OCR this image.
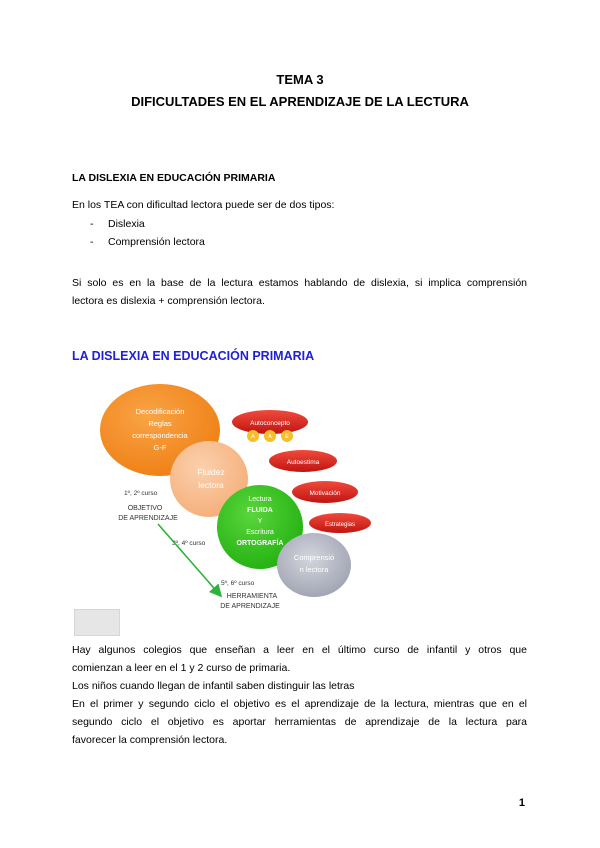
TEMA 3
DIFICULTADES EN EL APRENDIZAJE DE LA LECTURA
LA DISLEXIA EN EDUCACIÓN PRIMARIA
En los TEA con dificultad lectora puede ser de dos tipos:
- Dislexia
- Comprensión lectora
Si solo es en la base de la lectura estamos hablando de dislexia, si implica comprensión
lectora es dislexia + comprensión lectora.
LA DISLEXIA EN EDUCACIÓN PRIMARIA
Decodificación
Reglas
correspondencia
G-F
Fluidez
lectora
Lectura
FLUIDA
Y
Escritura
ORTOGRAFÍA
Comprensió
n lectora
Autoconcepto
A A E
Autoestima
Motivación
Estrategias
1º, 2º curso
OBJETIVO
DE APRENDIZAJE
3º, 4º curso
5º, 6º curso
HERRAMIENTA
DE APRENDIZAJE
Hay algunos colegios que enseñan a leer en el último curso de infantil y otros que
comienzan a leer en el 1 y 2 curso de primaria.
Los niños cuando llegan de infantil saben distinguir las letras
En el primer y segundo ciclo el objetivo es el aprendizaje de la lectura, mientras que en el
segundo ciclo el objetivo es aportar herramientas de aprendizaje de la lectura para
favorecer la comprensión lectora.
1
